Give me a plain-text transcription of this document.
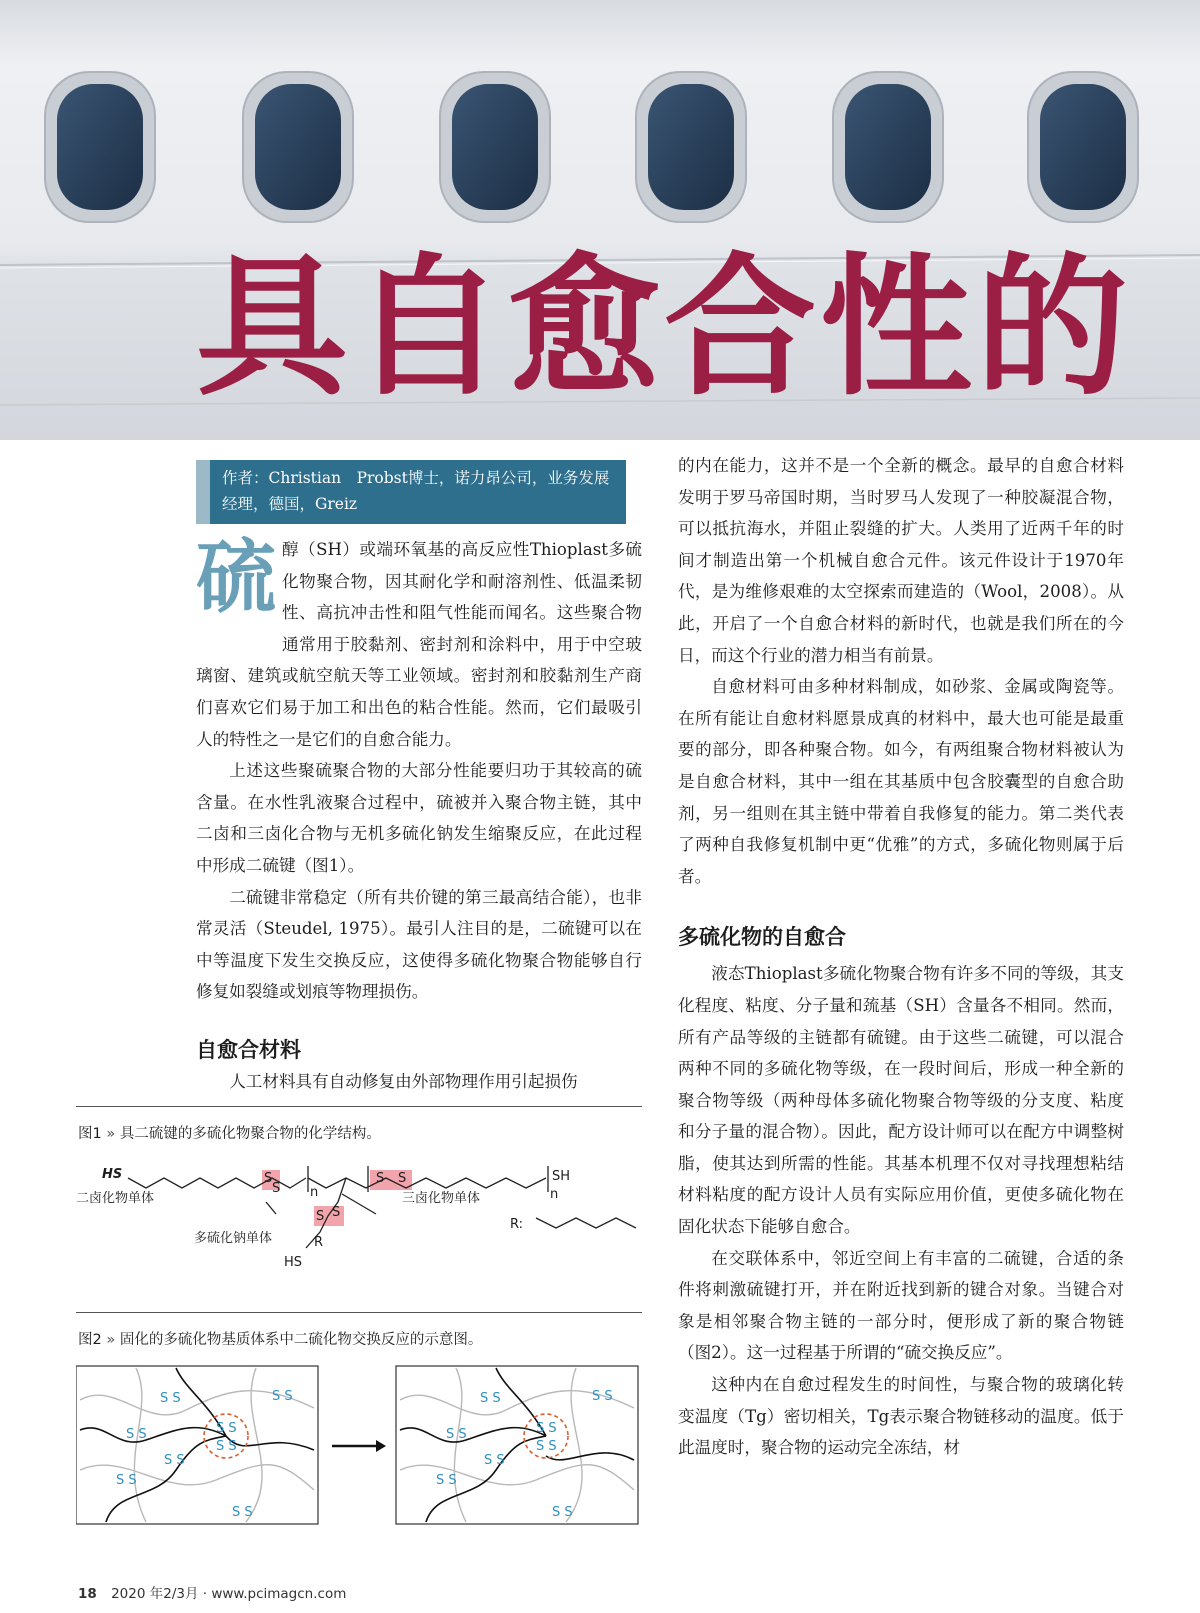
具自愈合性的
作者：Christian　Probst博士，诺力昂公司，业务发展
经理，德国，Greiz
硫 醇（SH）或端环氧基的高反应性Thioplast多硫化物聚合物，因其耐化学和耐溶剂性、低温柔韧性、高抗冲击性和阻气性能而闻名。这些聚合物通常用于胶黏剂、密封剂和涂料中，用于中空玻璃窗、建筑或航空航天等工业领域。密封剂和胶黏剂生产商们喜欢它们易于加工和出色的粘合性能。然而，它们最吸引人的特性之一是它们的自愈合能力。

上述这些聚硫聚合物的大部分性能要归功于其较高的硫含量。在水性乳液聚合过程中，硫被并入聚合物主链，其中二卤和三卤化合物与无机多硫化钠发生缩聚反应，在此过程中形成二硫键（图1）。

二硫键非常稳定（所有共价键的第三最高结合能），也非常灵活（Steudel, 1975）。最引人注目的是，二硫键可以在中等温度下发生交换反应，这使得多硫化物聚合物能够自行修复如裂缝或划痕等物理损伤。

自愈合材料

人工材料具有自动修复由外部物理作用引起损伤

图1 » 具二硫键的多硫化物聚合物的化学结构。
HS	SH
S
S
S S
S S
n	n
二卤化物单体
多硫化钠单体
三卤化物单体
R
HS
R:
图2 » 固化的多硫化物基质体系中二硫化物交换反应的示意图。
S S
S S
S S
S S
S S
S S
S S
S S
S S
S S
S S
S S
S S
S S
S S
S S

的内在能力，这并不是一个全新的概念。最早的自愈合材料发明于罗马帝国时期，当时罗马人发现了一种胶凝混合物，可以抵抗海水，并阻止裂缝的扩大。人类用了近两千年的时间才制造出第一个机械自愈合元件。该元件设计于1970年代，是为维修艰难的太空探索而建造的（Wool，2008）。从此，开启了一个自愈合材料的新时代，也就是我们所在的今日，而这个行业的潜力相当有前景。

自愈材料可由多种材料制成，如砂浆、金属或陶瓷等。在所有能让自愈材料愿景成真的材料中，最大也可能是最重要的部分，即各种聚合物。如今，有两组聚合物材料被认为是自愈合材料，其中一组在其基质中包含胶囊型的自愈合助剂，另一组则在其主链中带着自我修复的能力。第二类代表了两种自我修复机制中更“优雅”的方式，多硫化物则属于后者。

多硫化物的自愈合

液态Thioplast多硫化物聚合物有许多不同的等级，其支化程度、粘度、分子量和巯基（SH）含量各不相同。然而，所有产品等级的主链都有硫键。由于这些二硫键，可以混合两种不同的多硫化物等级，在一段时间后，形成一种全新的聚合物等级（两种母体多硫化物聚合物等级的分支度、粘度和分子量的混合物）。因此，配方设计师可以在配方中调整树脂，使其达到所需的性能。其基本机理不仅对寻找理想粘结材料粘度的配方设计人员有实际应用价值，更使多硫化物在固化状态下能够自愈合。

在交联体系中，邻近空间上有丰富的二硫键，合适的条件将刺激硫键打开，并在附近找到新的键合对象。当键合对象是相邻聚合物主链的一部分时，便形成了新的聚合物链（图2）。这一过程基于所谓的“硫交换反应”。

这种内在自愈过程发生的时间性，与聚合物的玻璃化转变温度（Tg）密切相关，Tg表示聚合物链移动的温度。低于此温度时，聚合物的运动完全冻结，材

18 2020 年2/3月 · www.pcimagcn.com
